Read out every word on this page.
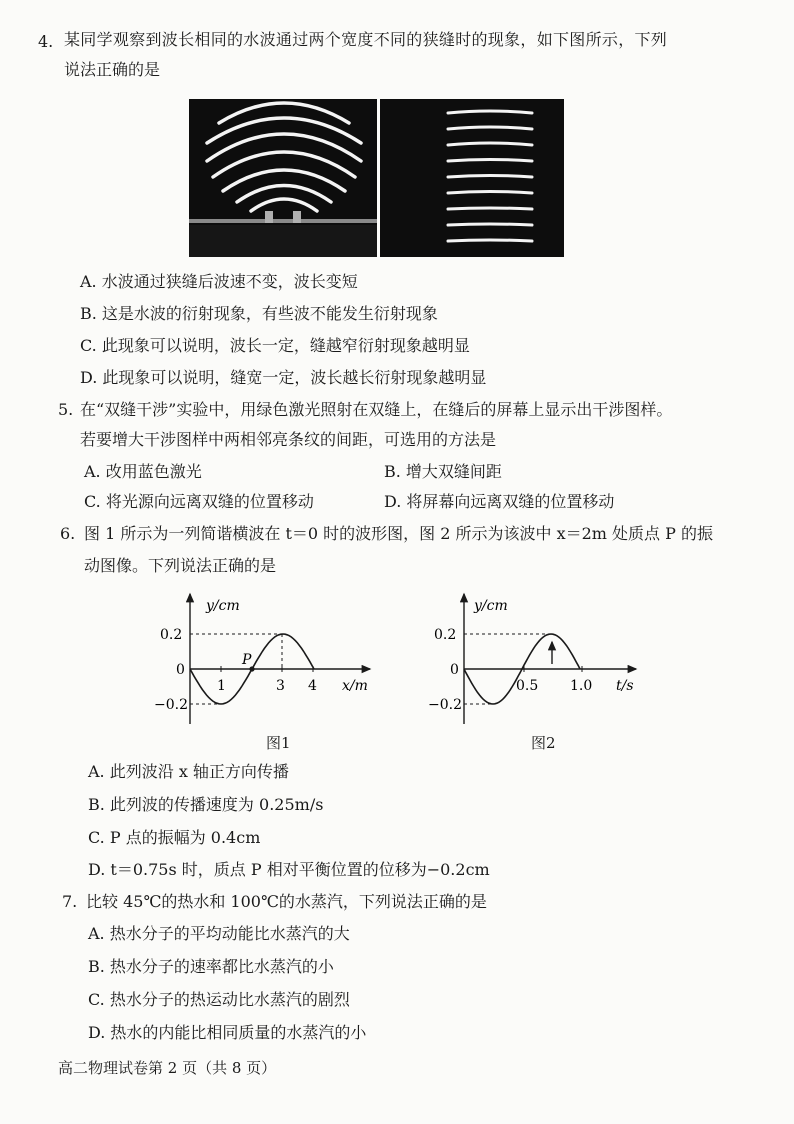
4. 某同学观察到波长相同的水波通过两个宽度不同的狭缝时的现象，如下图所示，下列
说法正确的是
A. 水波通过狭缝后波速不变，波长变短
B. 这是水波的衍射现象，有些波不能发生衍射现象
C. 此现象可以说明，波长一定，缝越窄衍射现象越明显
D. 此现象可以说明，缝宽一定，波长越长衍射现象越明显
5. 在“双缝干涉”实验中，用绿色激光照射在双缝上，在缝后的屏幕上显示出干涉图样。
若要增大干涉图样中两相邻亮条纹的间距，可选用的方法是
A. 改用蓝色激光	B. 增大双缝间距
C. 将光源向远离双缝的位置移动	D. 将屏幕向远离双缝的位置移动
6. 图 1 所示为一列简谐横波在 t＝0 时的波形图，图 2 所示为该波中 x＝2m 处质点 P 的振
动图像。下列说法正确的是
y/cm
0.2
0
−0.2
1	3 4
P
x/m
图1
y/cm
0.2
0
−0.2
0.5 1.0 t/s
图2
A. 此列波沿 x 轴正方向传播
B. 此列波的传播速度为 0.25m/s
C. P 点的振幅为 0.4cm
D. t＝0.75s 时，质点 P 相对平衡位置的位移为−0.2cm
7. 比较 45℃的热水和 100℃的水蒸汽，下列说法正确的是
A. 热水分子的平均动能比水蒸汽的大
B. 热水分子的速率都比水蒸汽的小
C. 热水分子的热运动比水蒸汽的剧烈
D. 热水的内能比相同质量的水蒸汽的小
高二物理试卷第 2 页（共 8 页）
